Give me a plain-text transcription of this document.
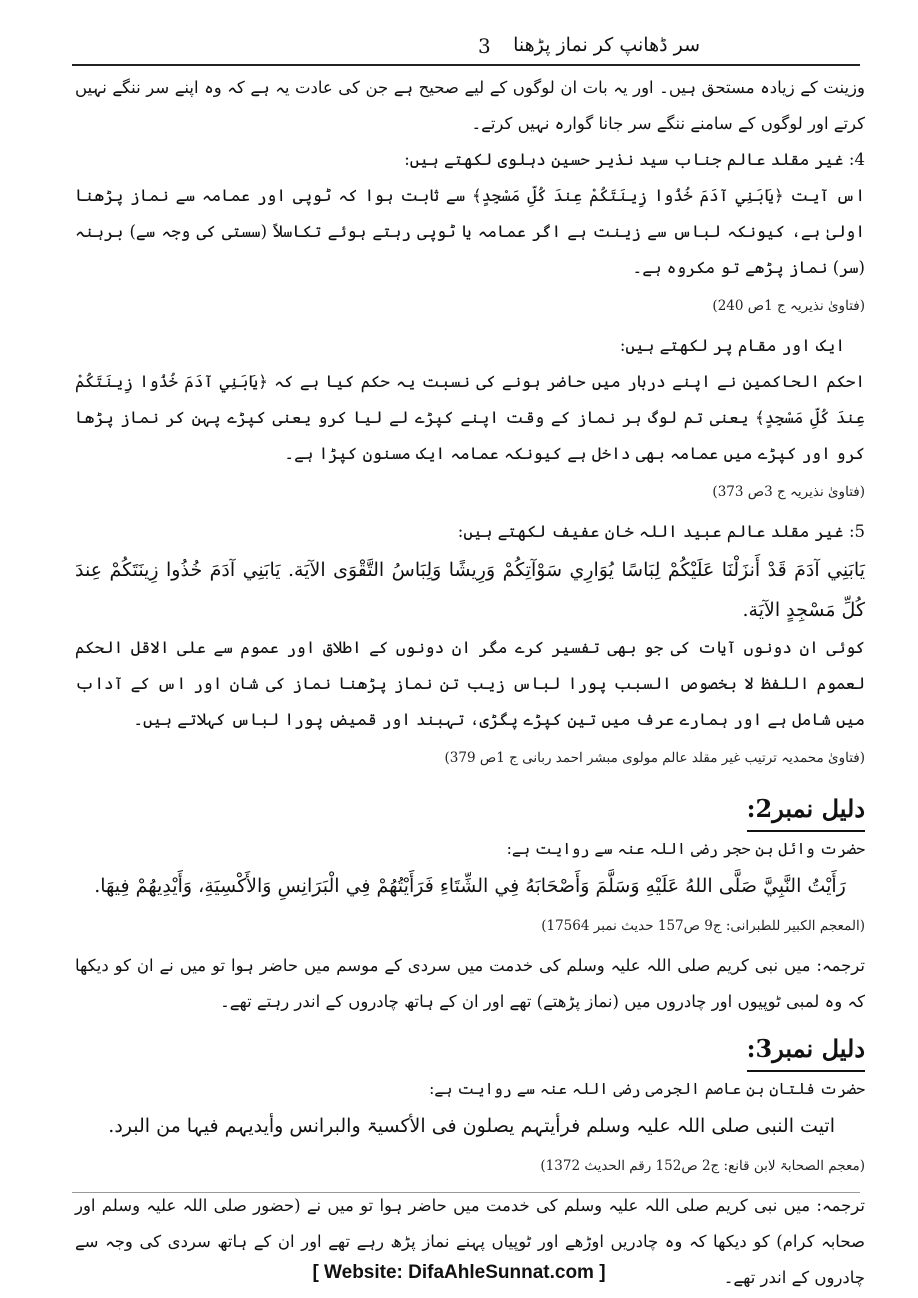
سر ڈھانپ کر نماز پڑھنا
3

وزینت کے زیادہ مستحق ہیں۔ اور یہ بات ان لوگوں کے لیے صحیح ہے جن کی عادت یہ ہے کہ وہ اپنے سر ننگے نہیں کرتے اور لوگوں کے سامنے ننگے سر جانا گوارہ نہیں کرتے۔

4: غیر مقلد عالم جناب سید نذیر حسین دہلوی لکھتے ہیں:

اس آیت ﴿يَابَنِي آدَمَ خُذُوا زِينَتَكُمْ عِندَ كُلِّ مَسْجِدٍ﴾ سے ثابت ہوا کہ ٹوپی اور عمامہ سے نماز پڑھنا اولیٰ ہے، کیونکہ لباس سے زینت ہے اگر عمامہ یا ٹوپی رہتے ہوئے تکاسلاً (سستی کی وجہ سے) برہنہ (سر) نماز پڑھے تو مکروہ ہے۔

(فتاویٰ نذیریہ ج 1ص 240)

ایک اور مقام پر لکھتے ہیں:

احکم الحاکمین نے اپنے دربار میں حاضر ہونے کی نسبت یہ حکم کیا ہے کہ ﴿يَابَنِي آدَمَ خُذُوا زِينَتَكُمْ عِندَ كُلِّ مَسْجِدٍ﴾ یعنی تم لوگ ہر نماز کے وقت اپنے کپڑے لے لیا کرو یعنی کپڑے پہن کر نماز پڑھا کرو اور کپڑے میں عمامہ بھی داخل ہے کیونکہ عمامہ ایک مسنون کپڑا ہے۔

(فتاویٰ نذیریہ ج 3ص 373)

5: غیر مقلد عالم عبید اللہ خان عفیف لکھتے ہیں:

يَابَنِي آدَمَ قَدْ أَنزَلْنَا عَلَيْكُمْ لِبَاسًا يُوَارِي سَوْآتِكُمْ وَرِيشًا وَلِبَاسُ التَّقْوَى الآيَة. يَابَنِي آدَمَ خُذُوا زِينَتَكُمْ عِندَ كُلِّ مَسْجِدٍ الآيَة.

کوئی ان دونوں آیات کی جو بھی تفسیر کرے مگر ان دونوں کے اطلاق اور عموم سے علی الاقل الحکم لعموم اللفظ لا بخصوص السبب پورا لباس زیب تن نماز پڑھنا نماز کی شان اور اس کے آداب میں شامل ہے اور ہمارے عرف میں تین کپڑے پگڑی، تہبند اور قمیض پورا لباس کہلاتے ہیں۔

(فتاویٰ محمدیہ ترتیب غیر مقلد عالم مولوی مبشر احمد ربانی ج 1ص 379)

دلیل نمبر2:

حضرت وائل بن حجر رضی اللہ عنہ سے روایت ہے:

رَأَيْتُ النَّبِيَّ صَلَّى اللهُ عَلَيْهِ وَسَلَّمَ وَأَصْحَابَهُ فِي الشِّتَاءِ فَرَأَيْتُهُمْ فِي الْبَرَانِسِ وَالأَكْسِيَةِ، وَأَيْدِيهُمْ فِيهَا.

(المعجم الکبیر للطبرانی: ج9 ص157 حدیث نمبر 17564)

ترجمہ: میں نبی کریم صلی اللہ علیہ وسلم کی خدمت میں سردی کے موسم میں حاضر ہوا تو میں نے ان کو دیکھا کہ وہ لمبی ٹوپیوں اور چادروں میں (نماز پڑھتے) تھے اور ان کے ہاتھ چادروں کے اندر رہتے تھے۔

دلیل نمبر3:

حضرت فلتان بن عاصم الجرمی رضی اللہ عنہ سے روایت ہے:

اتیت النبی صلی اللہ علیہ وسلم فرأیتہم یصلون فی الأکسیۃ والبرانس وأیدیہم فیہا من البرد.

(معجم الصحابۃ لابن قانع: ج2 ص152 رقم الحدیث 1372)

ترجمہ: میں نبی کریم صلی اللہ علیہ وسلم کی خدمت میں حاضر ہوا تو میں نے (حضور صلی اللہ علیہ وسلم اور صحابہ کرام) کو دیکھا کہ وہ چادریں اوڑھے اور ٹوپیاں پہنے نماز پڑھ رہے تھے اور ان کے ہاتھ سردی کی وجہ سے چادروں کے اندر تھے۔

[ Website: DifaAhleSunnat.com ]
